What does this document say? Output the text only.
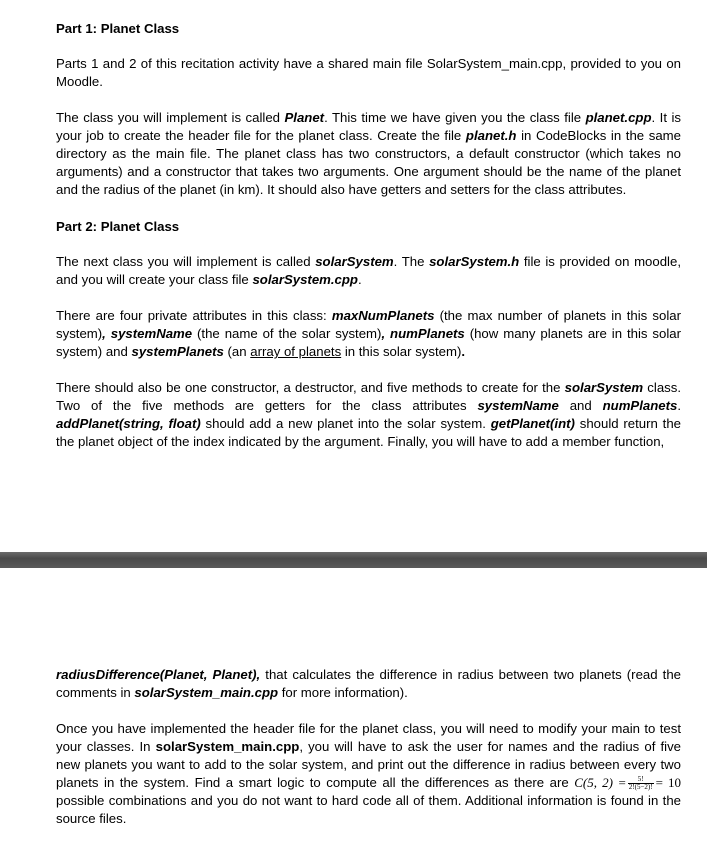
Part 1: Planet Class
Parts 1 and 2 of this recitation activity have a shared main file SolarSystem_main.cpp, provided to you on Moodle.
The class you will implement is called Planet. This time we have given you the class file planet.cpp. It is your job to create the header file for the planet class. Create the file planet.h in CodeBlocks in the same directory as the main file. The planet class has two constructors, a default constructor (which takes no arguments) and a constructor that takes two arguments. One argument should be the name of the planet and the radius of the planet (in km). It should also have getters and setters for the class attributes.
Part 2: Planet Class
The next class you will implement is called solarSystem. The solarSystem.h file is provided on moodle, and you will create your class file solarSystem.cpp.
There are four private attributes in this class: maxNumPlanets (the max number of planets in this solar system), systemName (the name of the solar system), numPlanets (how many planets are in this solar system) and systemPlanets (an array of planets in this solar system).
There should also be one constructor, a destructor, and five methods to create for the solarSystem class. Two of the five methods are getters for the class attributes systemName and numPlanets. addPlanet(string, float) should add a new planet into the solar system. getPlanet(int) should return the the planet object of the index indicated by the argument. Finally, you will have to add a member function,
radiusDifference(Planet, Planet), that calculates the difference in radius between two planets (read the comments in solarSystem_main.cpp for more information).
Once you have implemented the header file for the planet class, you will need to modify your main to test your classes. In solarSystem_main.cpp, you will have to ask the user for names and the radius of five new planets you want to add to the solar system, and print out the difference in radius between every two planets in the system. Find a smart logic to compute all the differences as there are C(5, $2) = \frac{5!}{2!(5-2)!} = 10$ possible combinations and you do not want to hard code all of them. Additional information is found in the source files.
